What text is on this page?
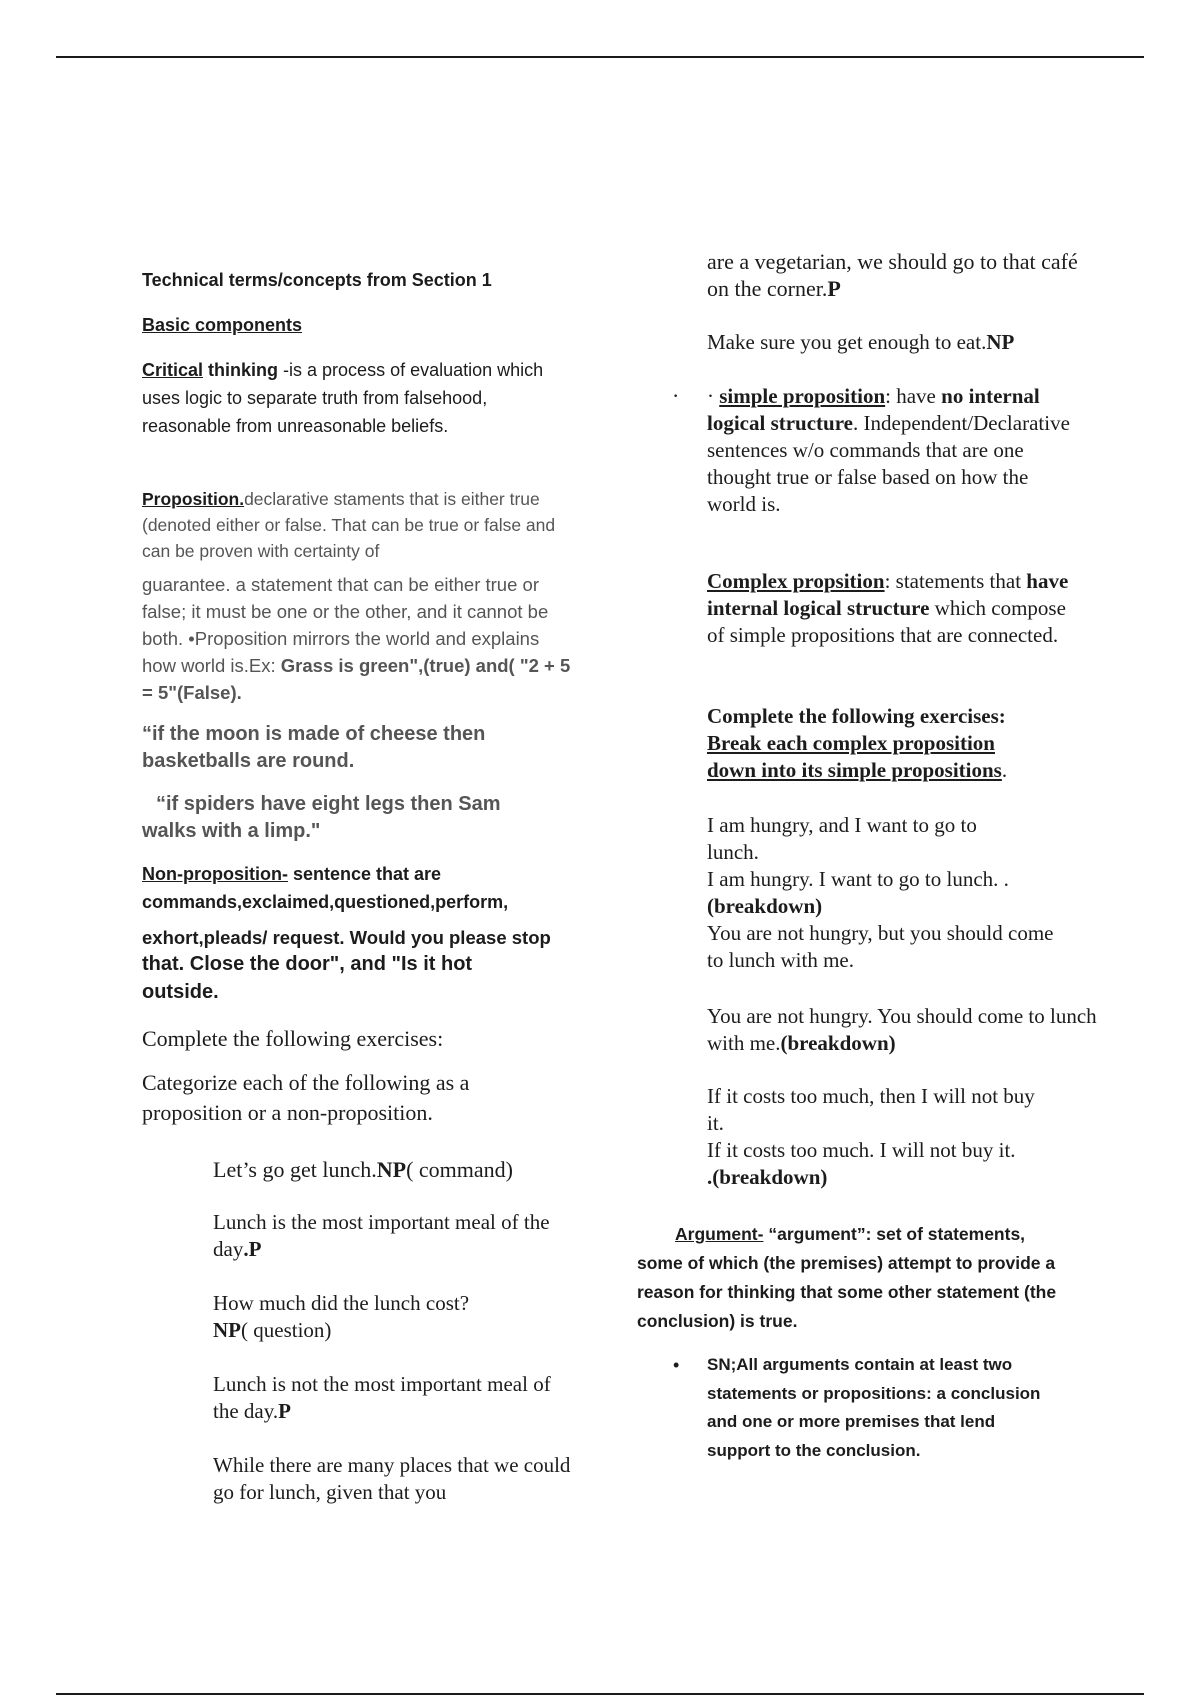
Technical terms/concepts from Section 1

Basic components

Critical thinking -is a process of evaluation which uses logic to separate truth from falsehood, reasonable from unreasonable beliefs.

Proposition.declarative staments that is either true (denoted either or false. That can be true or false and can be proven with certainty of

guarantee. a statement that can be either true or false; it must be one or the other, and it cannot be both. •Proposition mirrors the world and explains how world is.Ex: Grass is green",(true) and( "2 + 5 = 5"(False).

“if the moon is made of cheese then basketballs are round.

“if spiders have eight legs then Sam walks with a limp."

Non-proposition- sentence that are commands,exclaimed,questioned,perform,

exhort,pleads/ request. Would you please stop

that. Close the door", and "Is it hot outside.

Complete the following exercises:

Categorize each of the following as a proposition or a non-proposition.

Let’s go get lunch.NP( command)

Lunch is the most important meal of the day.P

How much did the lunch cost?
NP( question)

Lunch is not the most important meal of the day.P

While there are many places that we could go for lunch, given that you

are a vegetarian, we should go to that café on the corner.P

Make sure you get enough to eat.NP

· · simple proposition: have no internal logical structure. Independent/Declarative sentences w/o commands that are one thought true or false based on how the world is.

Complex propsition: statements that have internal logical structure which compose of simple propositions that are connected.

Complete the following exercises:

Break each complex proposition down into its simple propositions.

I am hungry, and I want to go to lunch.

I am hungry. I want to go to lunch. .
(breakdown)

You are not hungry, but you should come to lunch with me.

You are not hungry. You should come to lunch with me.(breakdown)

If it costs too much, then I will not buy it.

If it costs too much. I will not buy it.
.(breakdown)

Argument- “argument”: set of statements, some of which (the premises) attempt to provide a reason for thinking that some other statement (the conclusion) is true.

• SN;All arguments contain at least two statements or propositions: a conclusion and one or more premises that lend support to the conclusion.
